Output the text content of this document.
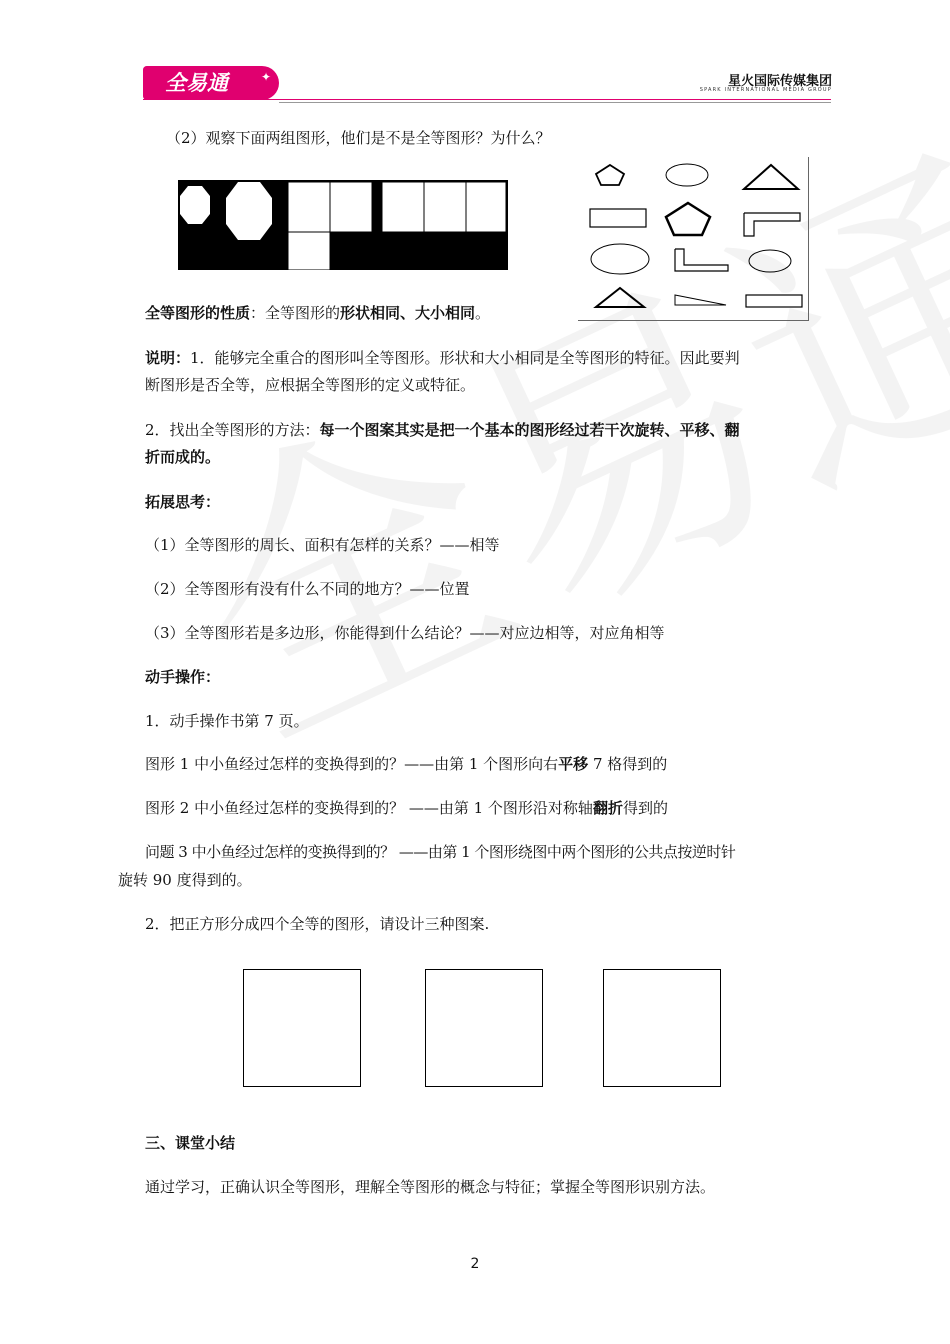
全易通	✦	星火国际传媒集团
SPARK INTERNATIONAL MEDIA GROUP
（2）观察下面两组图形，他们是不是全等图形？为什么？
全等图形的性质：全等图形的形状相同、大小相同。
说明：1．能够完全重合的图形叫全等图形。形状和大小相同是全等图形的特征。因此要判
断图形是否全等，应根据全等图形的定义或特征。
2．找出全等图形的方法：每一个图案其实是把一个基本的图形经过若干次旋转、平移、翻
折而成的。
拓展思考：
（1）全等图形的周长、面积有怎样的关系？——相等
（2）全等图形有没有什么不同的地方？——位置
（3）全等图形若是多边形，你能得到什么结论？——对应边相等，对应角相等
动手操作：
1．动手操作书第 7 页。
图形 1 中小鱼经过怎样的变换得到的？——由第 1 个图形向右平移 7 格得到的
图形 2 中小鱼经过怎样的变换得到的？ ——由第 1 个图形沿对称轴翻折得到的
问题 3 中小鱼经过怎样的变换得到的？ ——由第 1 个图形绕图中两个图形的公共点按逆时针
旋转 90 度得到的。
2．把正方形分成四个全等的图形，请设计三种图案.
三、课堂小结
通过学习，正确认识全等图形，理解全等图形的概念与特征；掌握全等图形识别方法。
2
